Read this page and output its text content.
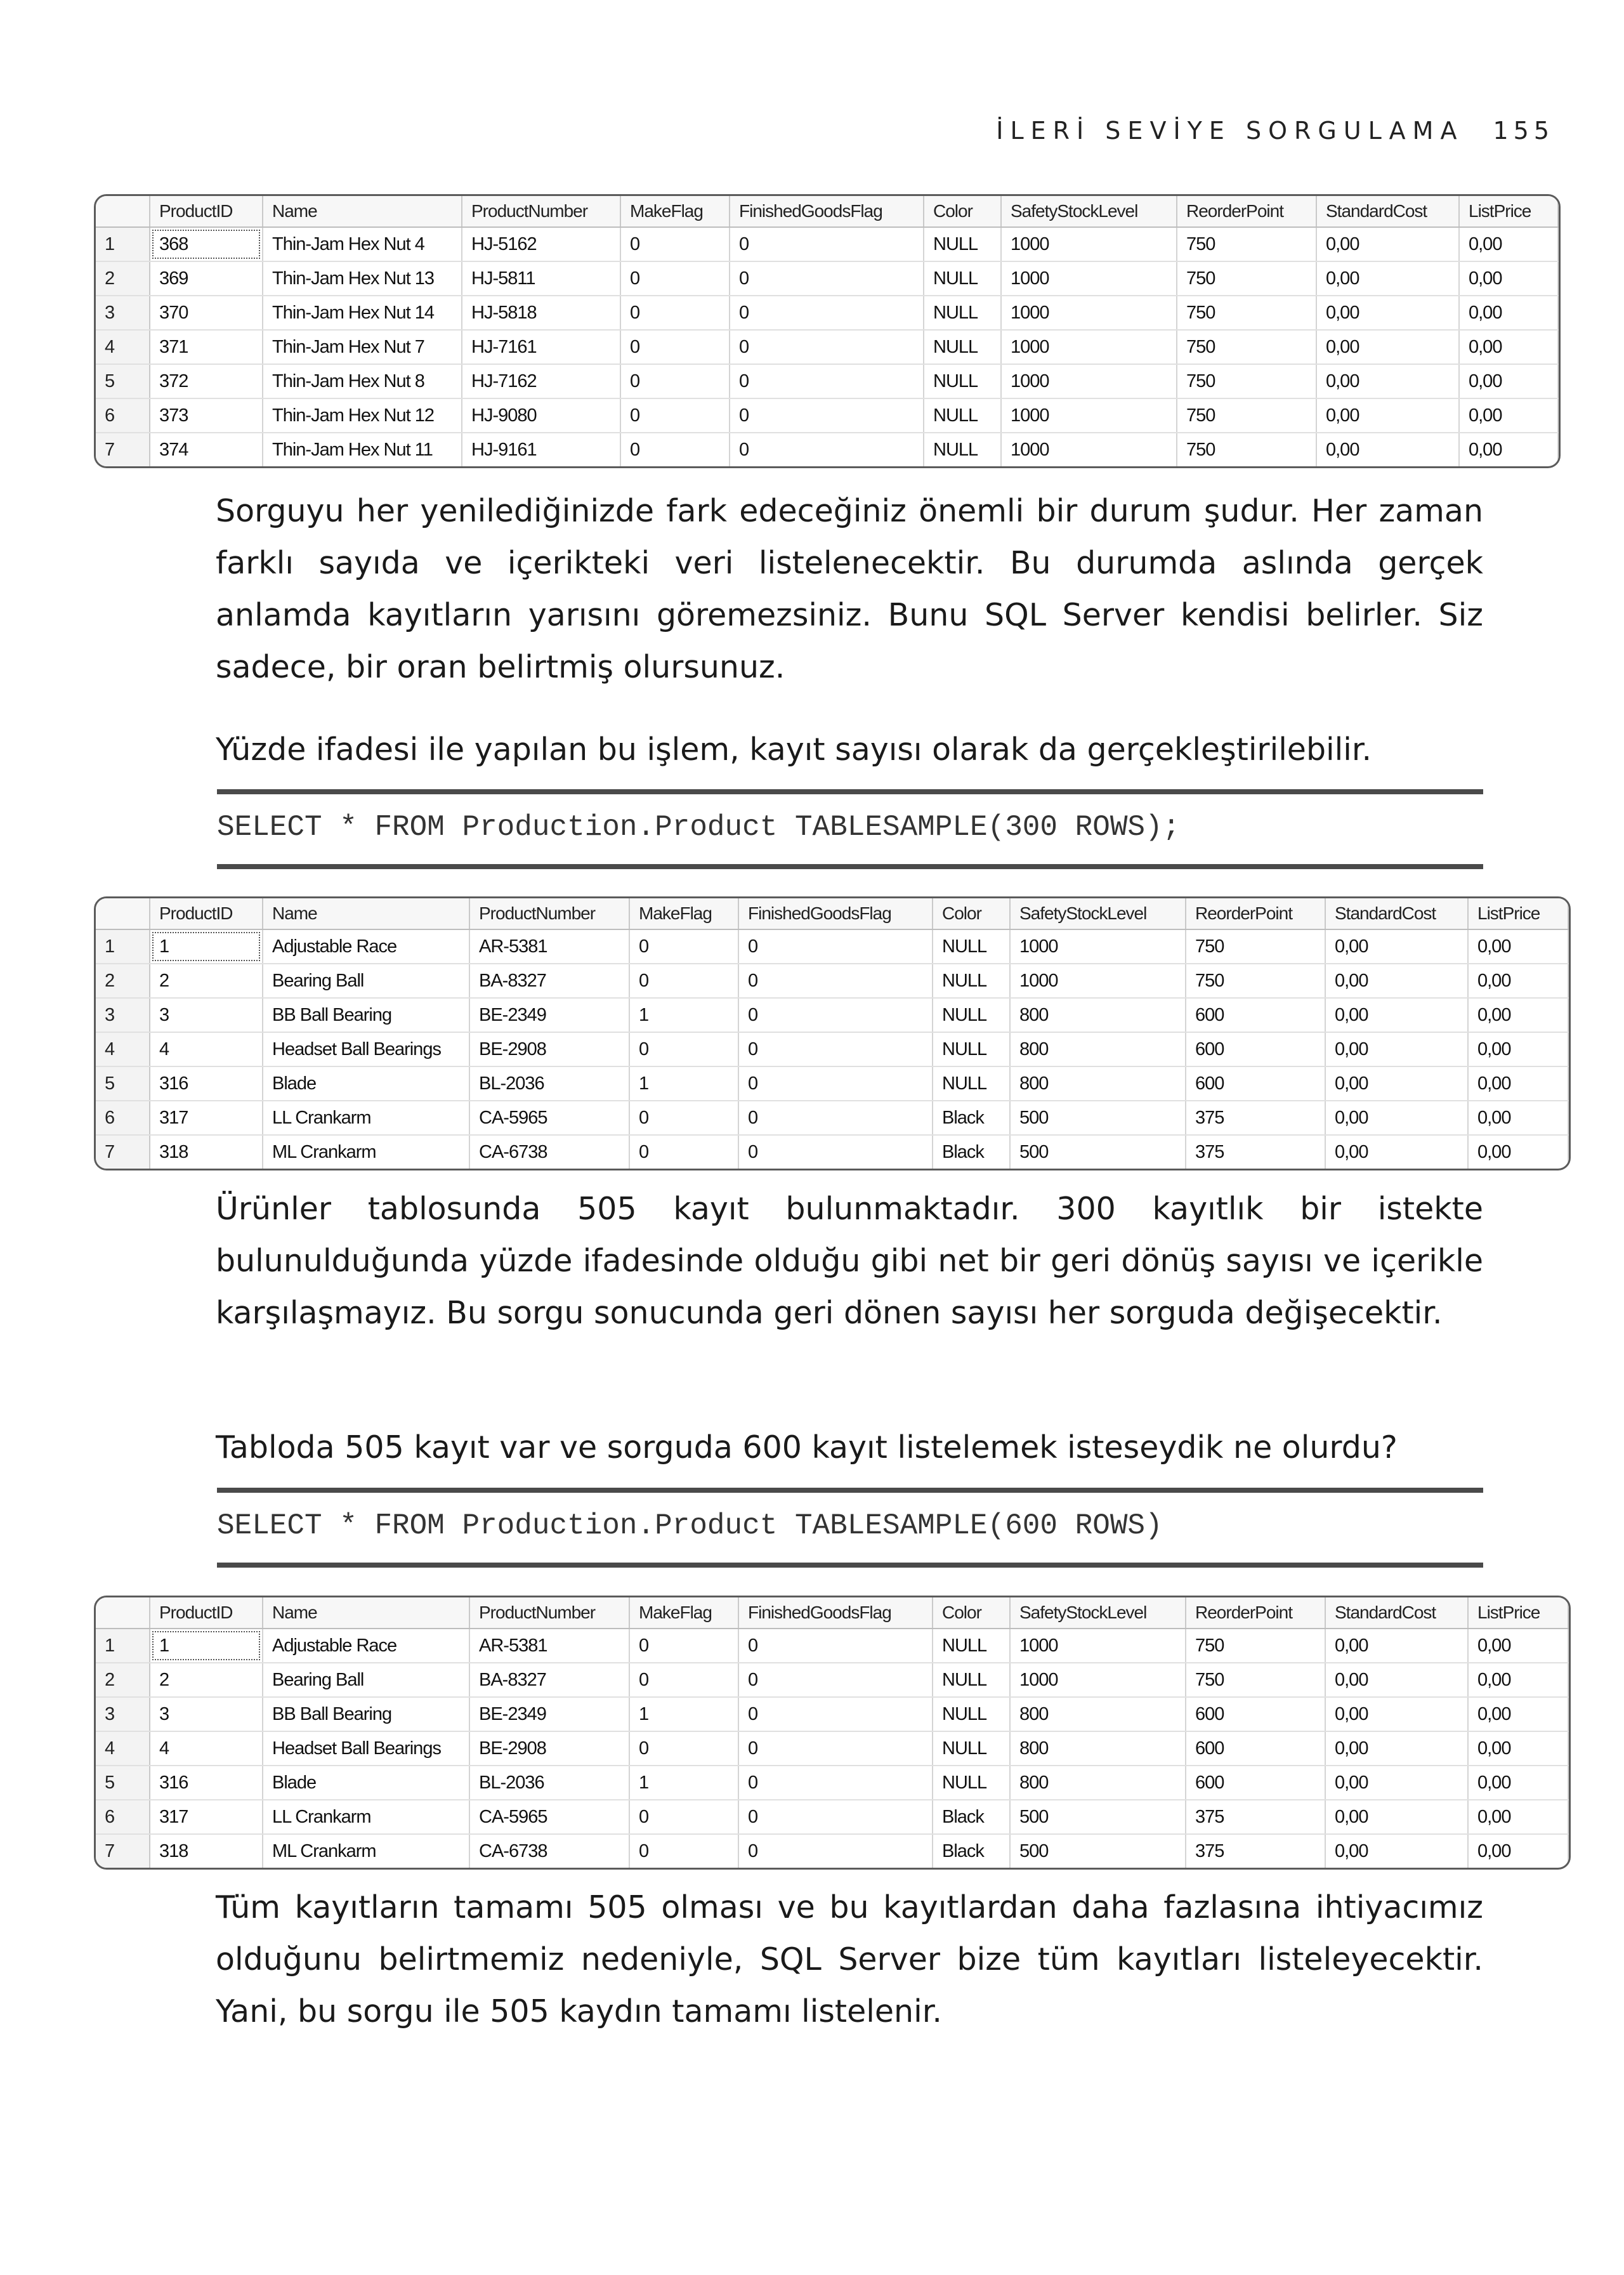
İLERİ SEVİYE SORGULAMA 155
	ProductID	Name	ProductNumber	MakeFlag	FinishedGoodsFlag	Color	SafetyStockLevel	ReorderPoint	StandardCost	ListPrice
1	368	Thin-Jam Hex Nut 4	HJ-5162	0	0	NULL	1000	750	0,00	0,00
2	369	Thin-Jam Hex Nut 13	HJ-5811	0	0	NULL	1000	750	0,00	0,00
3	370	Thin-Jam Hex Nut 14	HJ-5818	0	0	NULL	1000	750	0,00	0,00
4	371	Thin-Jam Hex Nut 7	HJ-7161	0	0	NULL	1000	750	0,00	0,00
5	372	Thin-Jam Hex Nut 8	HJ-7162	0	0	NULL	1000	750	0,00	0,00
6	373	Thin-Jam Hex Nut 12	HJ-9080	0	0	NULL	1000	750	0,00	0,00
7	374	Thin-Jam Hex Nut 11	HJ-9161	0	0	NULL	1000	750	0,00	0,00

Sorguyu her yenilediğinizde fark edeceğiniz önemli bir durum şudur. Her zaman farklı sayıda ve içerikteki veri listelenecektir. Bu durumda aslında gerçek anlamda kayıtların yarısını göremezsiniz. Bunu SQL Server kendisi belirler. Siz sadece, bir oran belirtmiş olursunuz.

Yüzde ifadesi ile yapılan bu işlem, kayıt sayısı olarak da gerçekleştirilebilir.

SELECT * FROM Production.Product TABLESAMPLE(300 ROWS);
	ProductID	Name	ProductNumber	MakeFlag	FinishedGoodsFlag	Color	SafetyStockLevel	ReorderPoint	StandardCost	ListPrice
1	1	Adjustable Race	AR-5381	0	0	NULL	1000	750	0,00	0,00
2	2	Bearing Ball	BA-8327	0	0	NULL	1000	750	0,00	0,00
3	3	BB Ball Bearing	BE-2349	1	0	NULL	800	600	0,00	0,00
4	4	Headset Ball Bearings	BE-2908	0	0	NULL	800	600	0,00	0,00
5	316	Blade	BL-2036	1	0	NULL	800	600	0,00	0,00
6	317	LL Crankarm	CA-5965	0	0	Black	500	375	0,00	0,00
7	318	ML Crankarm	CA-6738	0	0	Black	500	375	0,00	0,00

Ürünler tablosunda 505 kayıt bulunmaktadır. 300 kayıtlık bir istekte bulunulduğunda yüzde ifadesinde olduğu gibi net bir geri dönüş sayısı ve içerikle karşılaşmayız. Bu sorgu sonucunda geri dönen sayısı her sorguda değişecektir.

Tabloda 505 kayıt var ve sorguda 600 kayıt listelemek isteseydik ne olurdu?

SELECT * FROM Production.Product TABLESAMPLE(600 ROWS)
	ProductID	Name	ProductNumber	MakeFlag	FinishedGoodsFlag	Color	SafetyStockLevel	ReorderPoint	StandardCost	ListPrice
1	1	Adjustable Race	AR-5381	0	0	NULL	1000	750	0,00	0,00
2	2	Bearing Ball	BA-8327	0	0	NULL	1000	750	0,00	0,00
3	3	BB Ball Bearing	BE-2349	1	0	NULL	800	600	0,00	0,00
4	4	Headset Ball Bearings	BE-2908	0	0	NULL	800	600	0,00	0,00
5	316	Blade	BL-2036	1	0	NULL	800	600	0,00	0,00
6	317	LL Crankarm	CA-5965	0	0	Black	500	375	0,00	0,00
7	318	ML Crankarm	CA-6738	0	0	Black	500	375	0,00	0,00

Tüm kayıtların tamamı 505 olması ve bu kayıtlardan daha fazlasına ihtiyacımız olduğunu belirtmemiz nedeniyle, SQL Server bize tüm kayıtları listeleyecektir. Yani, bu sorgu ile 505 kaydın tamamı listelenir.
